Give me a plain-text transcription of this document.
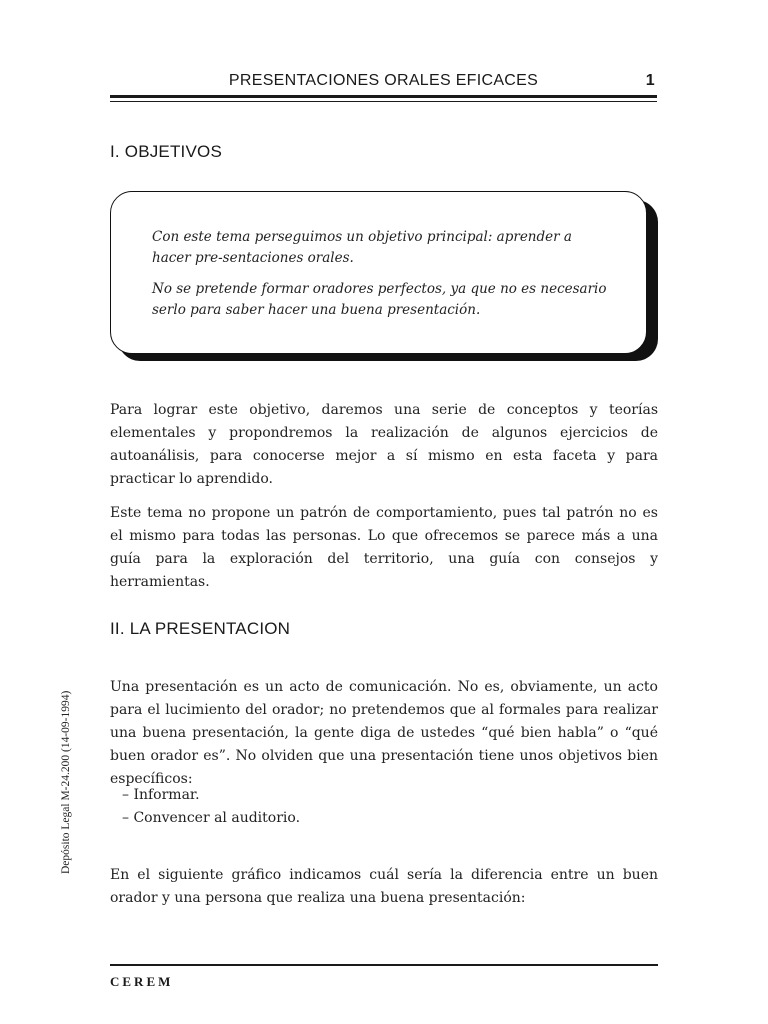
PRESENTACIONES ORALES EFICACES	1
I. OBJETIVOS
Con este tema perseguimos un objetivo principal: aprender a hacer pre-sentaciones orales.
No se pretende formar oradores perfectos, ya que no es necesario serlo para saber hacer una buena presentación.
Para lograr este objetivo, daremos una serie de conceptos y teorías elementales y propondremos la realización de algunos ejercicios de autoanálisis, para conocerse mejor a sí mismo en esta faceta y para practicar lo aprendido.
Este tema no propone un patrón de comportamiento, pues tal patrón no es el mismo para todas las personas. Lo que ofrecemos se parece más a una guía para la exploración del territorio, una guía con consejos y herramientas.
II. LA PRESENTACION
Una presentación es un acto de comunicación. No es, obviamente, un acto para el lucimiento del orador; no pretendemos que al formales para realizar una buena presentación, la gente diga de ustedes “qué bien habla” o “qué buen orador es”. No olviden que una presentación tiene unos objetivos bien específicos:
– Informar.
– Convencer al auditorio.
En el siguiente gráfico indicamos cuál sería la diferencia entre un buen orador y una persona que realiza una buena presentación:
Depósito Legal M-24.200 (14-09-1994)
CEREM
